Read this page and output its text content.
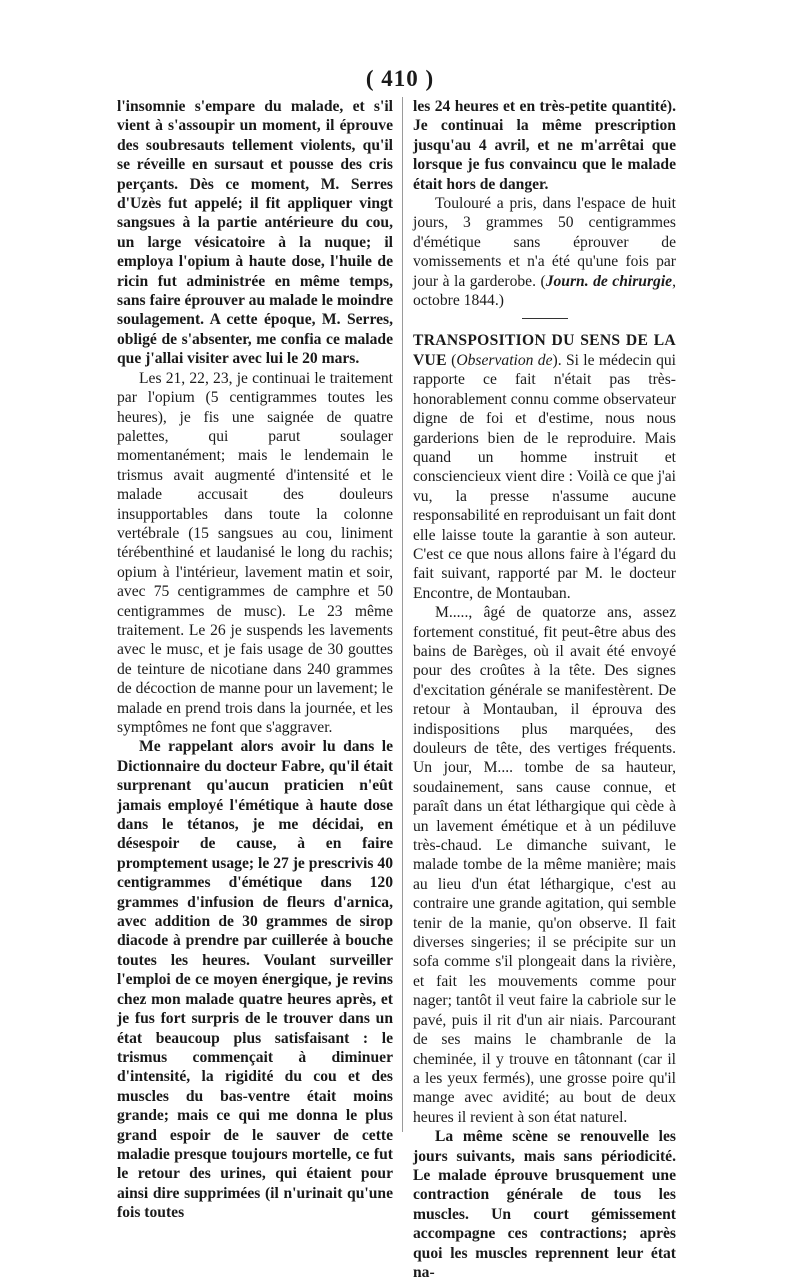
( 410 )

l'insomnie s'empare du malade, et s'il vient à s'assoupir un moment, il éprouve des soubresauts tellement violents, qu'il se réveille en sursaut et pousse des cris perçants. Dès ce moment, M. Serres d'Uzès fut appelé; il fit appliquer vingt sangsues à la partie antérieure du cou, un large vésicatoire à la nuque; il employa l'opium à haute dose, l'huile de ricin fut administrée en même temps, sans faire éprouver au malade le moindre soulagement. A cette époque, M. Serres, obligé de s'absenter, me confia ce malade que j'allai visiter avec lui le 20 mars.

Les 21, 22, 23, je continuai le traitement par l'opium (5 centigrammes toutes les heures), je fis une saignée de quatre palettes, qui parut soulager momentanément; mais le lendemain le trismus avait augmenté d'intensité et le malade accusait des douleurs insupportables dans toute la colonne vertébrale (15 sangsues au cou, liniment térébenthiné et laudanisé le long du rachis; opium à l'intérieur, lavement matin et soir, avec 75 centigrammes de camphre et 50 centigrammes de musc). Le 23 même traitement. Le 26 je suspends les lavements avec le musc, et je fais usage de 30 gouttes de teinture de nicotiane dans 240 grammes de décoction de manne pour un lavement; le malade en prend trois dans la journée, et les symptômes ne font que s'aggraver.

Me rappelant alors avoir lu dans le Dictionnaire du docteur Fabre, qu'il était surprenant qu'aucun praticien n'eût jamais employé l'émétique à haute dose dans le tétanos, je me décidai, en désespoir de cause, à en faire promptement usage; le 27 je prescrivis 40 centigrammes d'émétique dans 120 grammes d'infusion de fleurs d'arnica, avec addition de 30 grammes de sirop diacode à prendre par cuillerée à bouche toutes les heures. Voulant surveiller l'emploi de ce moyen énergique, je revins chez mon malade quatre heures après, et je fus fort surpris de le trouver dans un état beaucoup plus satisfaisant : le trismus commençait à diminuer d'intensité, la rigidité du cou et des muscles du bas-ventre était moins grande; mais ce qui me donna le plus grand espoir de le sauver de cette maladie presque toujours mortelle, ce fut le retour des urines, qui étaient pour ainsi dire supprimées (il n'urinait qu'une fois toutes

les 24 heures et en très-petite quantité). Je continuai la même prescription jusqu'au 4 avril, et ne m'arrêtai que lorsque je fus convaincu que le malade était hors de danger.

Toulouré a pris, dans l'espace de huit jours, 3 grammes 50 centigrammes d'émétique sans éprouver de vomissements et n'a été qu'une fois par jour à la garderobe. (Journ. de chirurgie, octobre 1844.)

TRANSPOSITION DU SENS DE LA VUE (Observation de). Si le médecin qui rapporte ce fait n'était pas très-honorablement connu comme observateur digne de foi et d'estime, nous nous garderions bien de le reproduire. Mais quand un homme instruit et consciencieux vient dire : Voilà ce que j'ai vu, la presse n'assume aucune responsabilité en reproduisant un fait dont elle laisse toute la garantie à son auteur. C'est ce que nous allons faire à l'égard du fait suivant, rapporté par M. le docteur Encontre, de Montauban.

M....., âgé de quatorze ans, assez fortement constitué, fit peut-être abus des bains de Barèges, où il avait été envoyé pour des croûtes à la tête. Des signes d'excitation générale se manifestèrent. De retour à Montauban, il éprouva des indispositions plus marquées, des douleurs de tête, des vertiges fréquents. Un jour, M.... tombe de sa hauteur, soudainement, sans cause connue, et paraît dans un état léthargique qui cède à un lavement émétique et à un pédiluve très-chaud. Le dimanche suivant, le malade tombe de la même manière; mais au lieu d'un état léthargique, c'est au contraire une grande agitation, qui semble tenir de la manie, qu'on observe. Il fait diverses singeries; il se précipite sur un sofa comme s'il plongeait dans la rivière, et fait les mouvements comme pour nager; tantôt il veut faire la cabriole sur le pavé, puis il rit d'un air niais. Parcourant de ses mains le chambranle de la cheminée, il y trouve en tâtonnant (car il a les yeux fermés), une grosse poire qu'il mange avec avidité; au bout de deux heures il revient à son état naturel.

La même scène se renouvelle les jours suivants, mais sans périodicité. Le malade éprouve brusquement une contraction générale de tous les muscles. Un court gémissement accompagne ces contractions; après quoi les muscles reprennent leur état na-
